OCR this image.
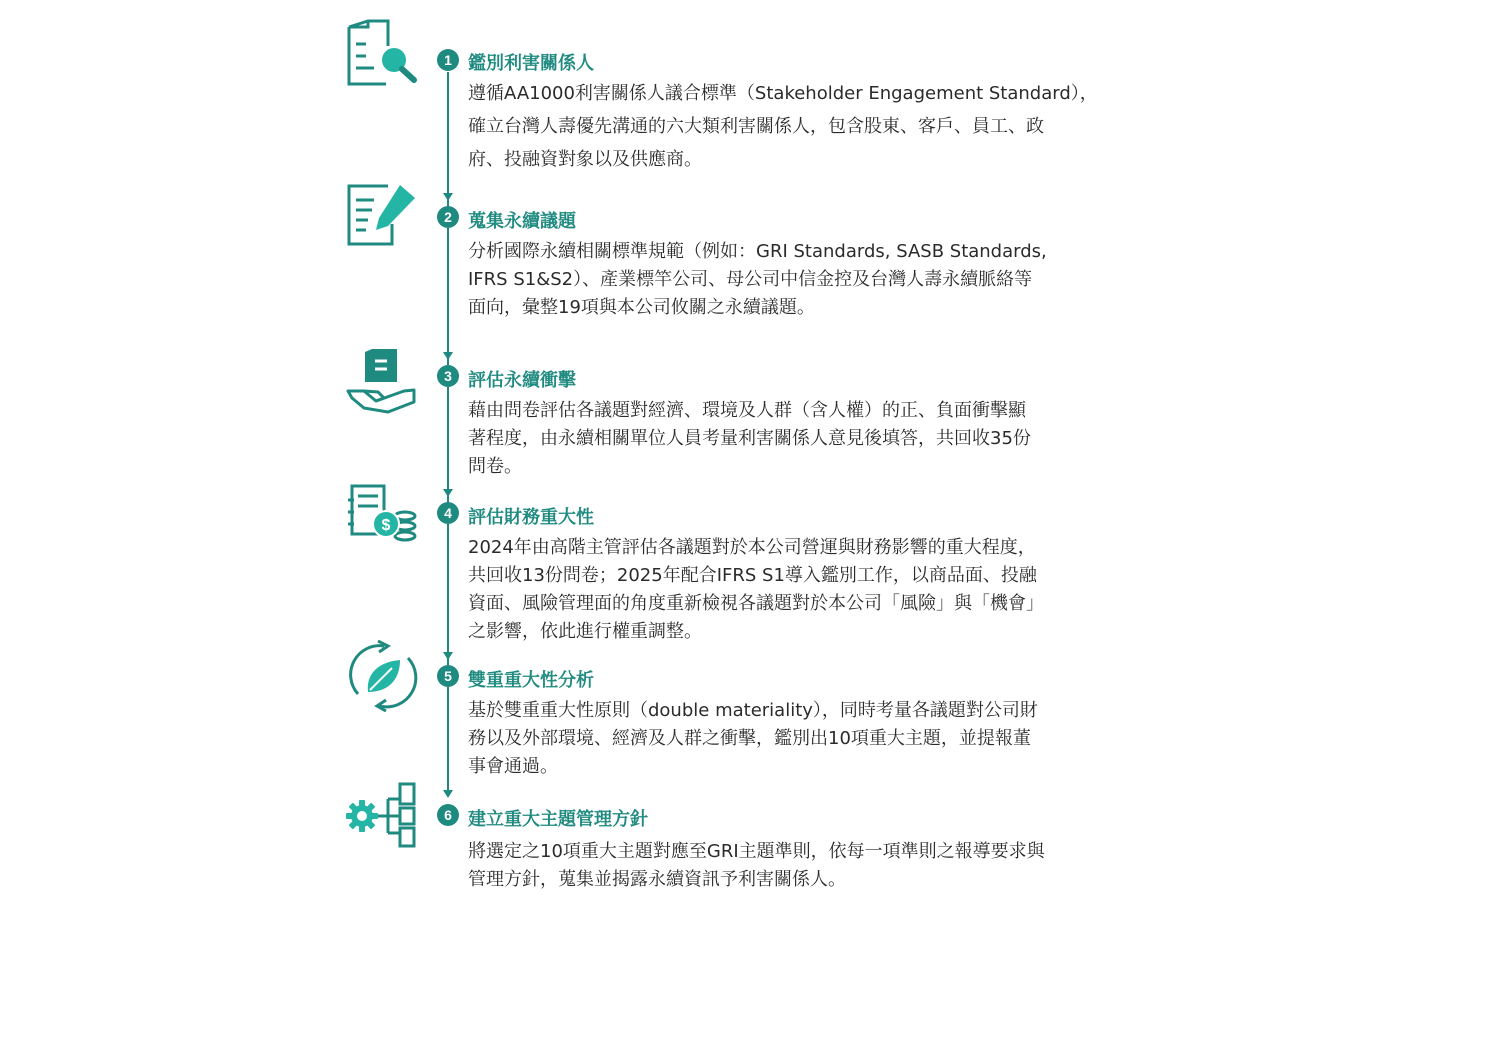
1 鑑別利害關係人
遵循AA1000利害關係人議合標準（Stakeholder Engagement Standard），
確立台灣人壽優先溝通的六大類利害關係人，包含股東、客戶、員工、政
府、投融資對象以及供應商。
2 蒐集永續議題
分析國際永續相關標準規範（例如：GRI Standards, SASB Standards,
IFRS S1&S2）、產業標竿公司、母公司中信金控及台灣人壽永續脈絡等
面向，彙整19項與本公司攸關之永續議題。
3 評估永續衝擊
藉由問卷評估各議題對經濟、環境及人群（含人權）的正、負面衝擊顯
著程度，由永續相關單位人員考量利害關係人意見後填答，共回收35份
問卷。
$
4 評估財務重大性
2024年由高階主管評估各議題對於本公司營運與財務影響的重大程度，
共回收13份問卷；2025年配合IFRS S1導入鑑別工作，以商品面、投融
資面、風險管理面的角度重新檢視各議題對於本公司「風險」與「機會」
之影響，依此進行權重調整。
5 雙重重大性分析
基於雙重重大性原則（double materiality），同時考量各議題對公司財
務以及外部環境、經濟及人群之衝擊，鑑別出10項重大主題，並提報董
事會通過。
6 建立重大主題管理方針
將選定之10項重大主題對應至GRI主題準則，依每一項準則之報導要求與
管理方針，蒐集並揭露永續資訊予利害關係人。
